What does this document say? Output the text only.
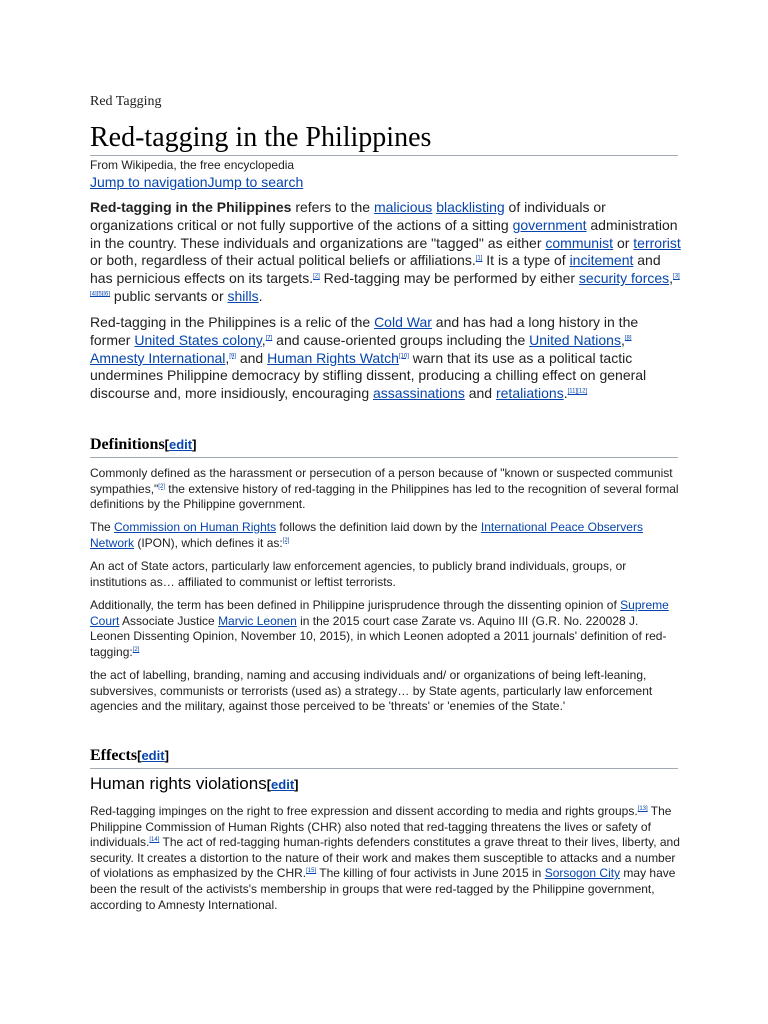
Red Tagging
Red-tagging in the Philippines
From Wikipedia, the free encyclopedia
Jump to navigationJump to search

Red-tagging in the Philippines refers to the malicious blacklisting of individuals or organizations critical or not fully supportive of the actions of a sitting government administration in the country. These individuals and organizations are "tagged" as either communist or terrorist or both, regardless of their actual political beliefs or affiliations.[1] It is a type of incitement and has pernicious effects on its targets.[2] Red-tagging may be performed by either security forces,[3][4][5][6] public servants or shills.

Red-tagging in the Philippines is a relic of the Cold War and has had a long history in the former United States colony,[7] and cause-oriented groups including the United Nations,[8] Amnesty International,[9] and Human Rights Watch[10] warn that its use as a political tactic undermines Philippine democracy by stifling dissent, producing a chilling effect on general discourse and, more insidiously, encouraging assassinations and retaliations.[11][12]

Definitions[edit]

Commonly defined as the harassment or persecution of a person because of "known or suspected communist sympathies,"[2] the extensive history of red-tagging in the Philippines has led to the recognition of several formal definitions by the Philippine government.

The Commission on Human Rights follows the definition laid down by the International Peace Observers Network (IPON), which defines it as:[2]

An act of State actors, particularly law enforcement agencies, to publicly brand individuals, groups, or institutions as… affiliated to communist or leftist terrorists.

Additionally, the term has been defined in Philippine jurisprudence through the dissenting opinion of Supreme Court Associate Justice Marvic Leonen in the 2015 court case Zarate vs. Aquino III (G.R. No. 220028 J. Leonen Dissenting Opinion, November 10, 2015), in which Leonen adopted a 2011 journals' definition of red-tagging:[2]

the act of labelling, branding, naming and accusing individuals and/ or organizations of being left-leaning, subversives, communists or terrorists (used as) a strategy… by State agents, particularly law enforcement agencies and the military, against those perceived to be 'threats' or 'enemies of the State.'

Effects[edit]
Human rights violations[edit]

Red-tagging impinges on the right to free expression and dissent according to media and rights groups.[13] The Philippine Commission of Human Rights (CHR) also noted that red-tagging threatens the lives or safety of individuals.[14] The act of red-tagging human-rights defenders constitutes a grave threat to their lives, liberty, and security. It creates a distortion to the nature of their work and makes them susceptible to attacks and a number of violations as emphasized by the CHR.[15] The killing of four activists in June 2015 in Sorsogon City may have been the result of the activists's membership in groups that were red-tagged by the Philippine government, according to Amnesty International.
